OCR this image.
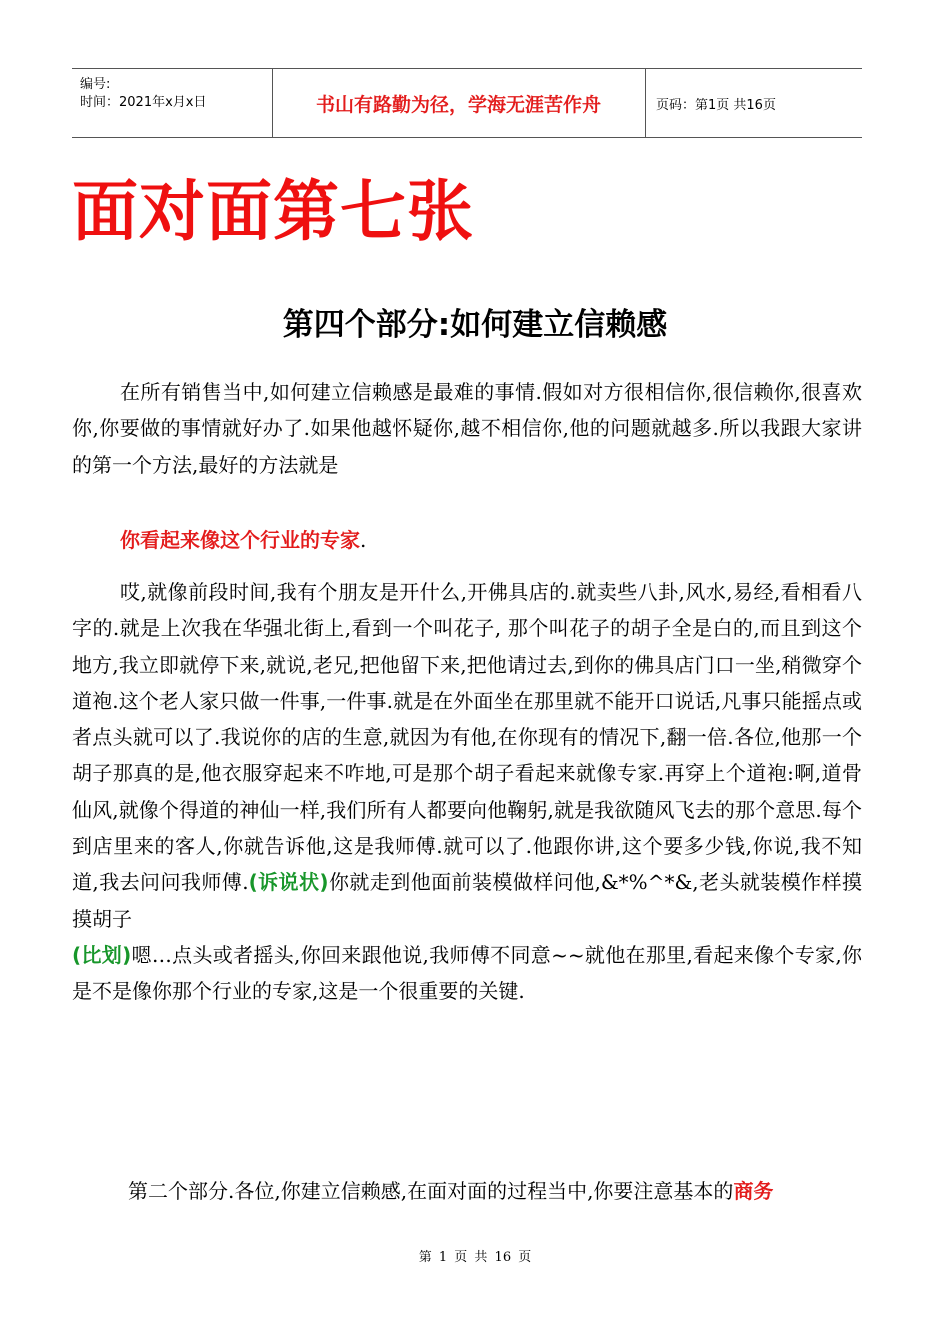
编号:
时间：2021年x月x日	书山有路勤为径，学海无涯苦作舟	页码：第1页 共16页
面对面第七张
第四个部分:如何建立信赖感

在所有销售当中,如何建立信赖感是最难的事情.假如对方很相信你,很信赖你,很喜欢你,你要做的事情就好办了.如果他越怀疑你,越不相信你,他的问题就越多.所以我跟大家讲的第一个方法,最好的方法就是

你看起来像这个行业的专家.

哎,就像前段时间,我有个朋友是开什么,开佛具店的.就卖些八卦,风水,易经,看相看八字的.就是上次我在华强北街上,看到一个叫花子, 那个叫花子的胡子全是白的,而且到这个地方,我立即就停下来,就说,老兄,把他留下来,把他请过去,到你的佛具店门口一坐,稍微穿个道袍.这个老人家只做一件事,一件事.就是在外面坐在那里就不能开口说话,凡事只能摇点或者点头就可以了.我说你的店的生意,就因为有他,在你现有的情况下,翻一倍.各位,他那一个胡子那真的是,他衣服穿起来不咋地,可是那个胡子看起来就像专家.再穿上个道袍:啊,道骨仙风,就像个得道的神仙一样,我们所有人都要向他鞠躬,就是我欲随风飞去的那个意思.每个到店里来的客人,你就告诉他,这是我师傅.就可以了.他跟你讲,这个要多少钱,你说,我不知道,我去问问我师傅.(诉说状)你就走到他面前装模做样问他,&*%^*&,老头就装模作样摸摸胡子
(比划)嗯…点头或者摇头,你回来跟他说,我师傅不同意~~就他在那里,看起来像个专家,你是不是像你那个行业的专家,这是一个很重要的关键.

第二个部分.各位,你建立信赖感,在面对面的过程当中,你要注意基本的商务

第 1 页 共 16 页
